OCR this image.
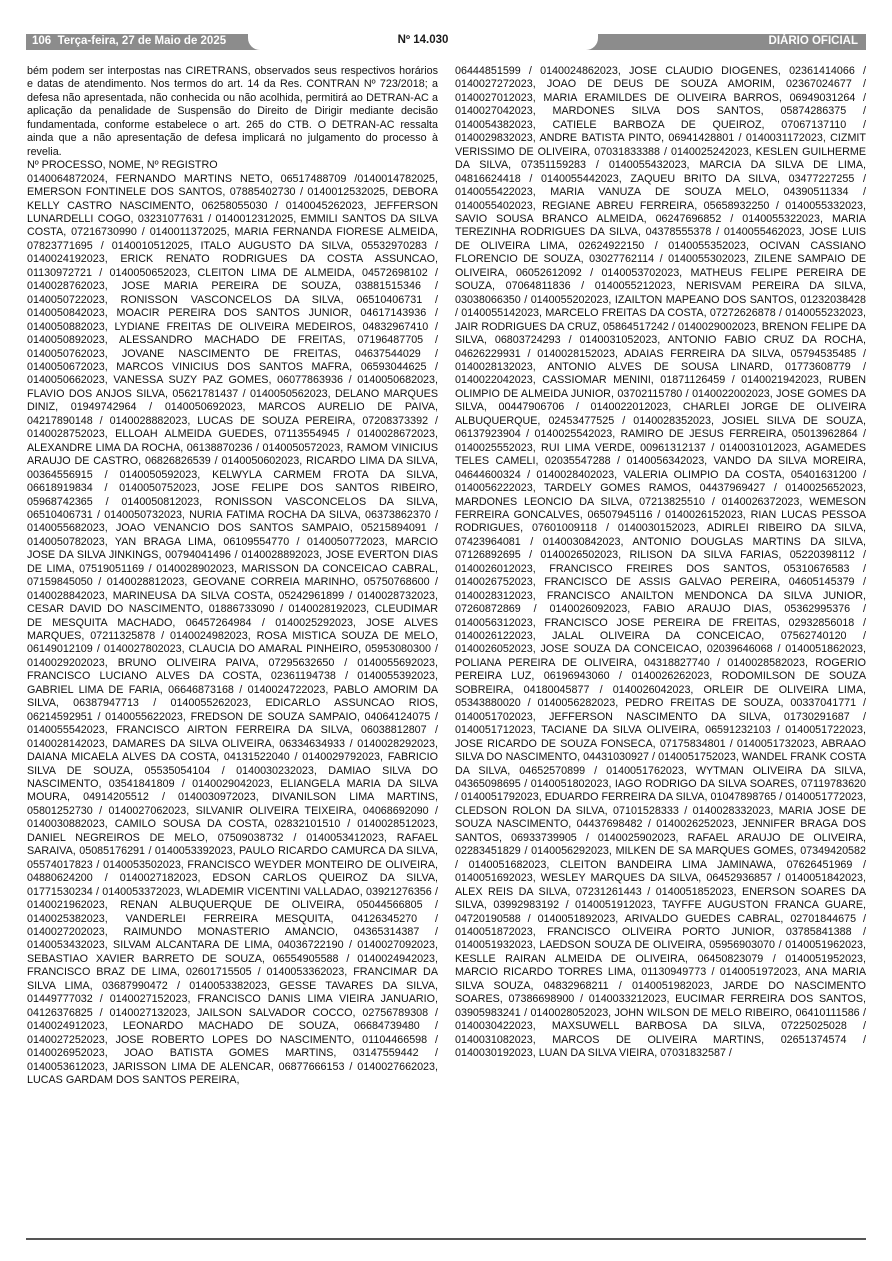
106 Terça-feira, 27 de Maio de 2025	Nº 14.030	DIÁRIO OFICIAL

bém podem ser interpostas nas CIRETRANS, observados seus respectivos horários e datas de atendimento. Nos termos do art. 14 da Res. CONTRAN Nº 723/2018; a defesa não apresentada, não conhecida ou não acolhida, permitirá ao DETRAN-AC a aplicação da penalidade de Suspensão do Direito de Dirigir mediante decisão fundamentada, conforme estabelece o art. 265 do CTB. O DETRAN-AC ressalta ainda que a não apresentação de defesa implicará no julgamento do processo à revelia.
Nº PROCESSO, NOME, Nº REGISTRO
0140064872024, FERNANDO MARTINS NETO, 06517488709 /0140014782025, EMERSON FONTINELE DOS SANTOS, 07885402730 / 0140012532025, DEBORA KELLY CASTRO NASCIMENTO, 06258055030 / 0140045262023, JEFFERSON LUNARDELLI COGO, 03231077631 / 0140012312025, EMMILI SANTOS DA SILVA COSTA, 07216730990 / 0140011372025, MARIA FERNANDA FIORESE ALMEIDA, 07823771695 / 0140010512025, ITALO AUGUSTO DA SILVA, 05532970283 / 0140024192023, ERICK RENATO RODRIGUES DA COSTA ASSUNCAO, 01130972721 / 0140050652023, CLEITON LIMA DE ALMEIDA, 04572698102 / 0140028762023, JOSE MARIA PEREIRA DE SOUZA, 03881515346 / 0140050722023, RONISSON VASCONCELOS DA SILVA, 06510406731 / 0140050842023, MOACIR PEREIRA DOS SANTOS JUNIOR, 04617143936 / 0140050882023, LYDIANE FREITAS DE OLIVEIRA MEDEIROS, 04832967410 / 0140050892023, ALESSANDRO MACHADO DE FREITAS, 07196487705 / 0140050762023, JOVANE NASCIMENTO DE FREITAS, 04637544029 / 0140050672023, MARCOS VINICIUS DOS SANTOS MAFRA, 06593044625 / 0140050662023, VANESSA SUZY PAZ GOMES, 06077863936 / 0140050682023, FLAVIO DOS ANJOS SILVA, 05621781437 / 0140050562023, DELANO MARQUES DINIZ, 01949742964 / 0140050692023, MARCOS AURELIO DE PAIVA, 04217890148 / 0140028882023, LUCAS DE SOUZA PEREIRA, 07208373392 / 0140028752023, ELLOAH ALMEIDA GUEDES, 07113554945 / 0140028672023, ALEXANDRE LIMA DA ROCHA, 06138870236 / 0140050572023, RAMOM VINICIUS ARAUJO DE CASTRO, 06826826539 / 0140050602023, RICARDO LIMA DA SILVA, 00364556915 / 0140050592023, KELWYLA CARMEM FROTA DA SILVA, 06618919834 / 0140050752023, JOSE FELIPE DOS SANTOS RIBEIRO, 05968742365 / 0140050812023, RONISSON VASCONCELOS DA SILVA, 06510406731 / 0140050732023, NURIA FATIMA ROCHA DA SILVA, 06373862370 / 0140055682023, JOAO VENANCIO DOS SANTOS SAMPAIO, 05215894091 / 0140050782023, YAN BRAGA LIMA, 06109554770 / 0140050772023, MARCIO JOSE DA SILVA JINKINGS, 00794041496 / 0140028892023, JOSE EVERTON DIAS DE LIMA, 07519051169 / 0140028902023, MARISSON DA CONCEICAO CABRAL, 07159845050 / 0140028812023, GEOVANE CORREIA MARINHO, 05750768600 / 0140028842023, MARINEUSA DA SILVA COSTA, 05242961899 / 0140028732023, CESAR DAVID DO NASCIMENTO, 01886733090 / 0140028192023, CLEUDIMAR DE MESQUITA MACHADO, 06457264984 / 0140025292023, JOSE ALVES MARQUES, 07211325878 / 0140024982023, ROSA MISTICA SOUZA DE MELO, 06149012109 / 0140027802023, CLAUCIA DO AMARAL PINHEIRO, 05953080300 / 0140029202023, BRUNO OLIVEIRA PAIVA, 07295632650 / 0140055692023, FRANCISCO LUCIANO ALVES DA COSTA, 02361194738 / 0140055392023, GABRIEL LIMA DE FARIA, 06646873168 / 0140024722023, PABLO AMORIM DA SILVA, 06387947713 / 0140055262023, EDICARLO ASSUNCAO RIOS, 06214592951 / 0140055622023, FREDSON DE SOUZA SAMPAIO, 04064124075 / 0140055542023, FRANCISCO AIRTON FERREIRA DA SILVA, 06038812807 / 0140028142023, DAMARES DA SILVA OLIVEIRA, 06334634933 / 0140028292023, DAIANA MICAELA ALVES DA COSTA, 04131522040 / 0140029792023, FABRICIO SILVA DE SOUZA, 05535054104 / 0140030232023, DAMIAO SILVA DO NASCIMENTO, 03541841809 / 0140029042023, ELIANGELA MARIA DA SILVA MOURA, 04914205512 / 0140030972023, DIVANILSON LIMA MARTINS, 05801252730 / 0140027062023, SILVANIR OLIVEIRA TEIXEIRA, 04068692090 / 0140030882023, CAMILO SOUSA DA COSTA, 02832101510 / 0140028512023, DANIEL NEGREIROS DE MELO, 07509038732 / 0140053412023, RAFAEL SARAIVA, 05085176291 / 0140053392023, PAULO RICARDO CAMURCA DA SILVA, 05574017823 / 0140053502023, FRANCISCO WEYDER MONTEIRO DE OLIVEIRA, 04880624200 / 0140027182023, EDSON CARLOS QUEIROZ DA SILVA, 01771530234 / 0140053372023, WLADEMIR VICENTINI VALLADAO, 03921276356 / 0140021962023, RENAN ALBUQUERQUE DE OLIVEIRA, 05044566805 / 0140025382023, VANDERLEI FERREIRA MESQUITA, 04126345270 / 0140027202023, RAIMUNDO MONASTERIO AMANCIO, 04365314387 / 0140053432023, SILVAM ALCANTARA DE LIMA, 04036722190 / 0140027092023, SEBASTIAO XAVIER BARRETO DE SOUZA, 06554905588 / 0140024942023, FRANCISCO BRAZ DE LIMA, 02601715505 / 0140053362023, FRANCIMAR DA SILVA LIMA, 03687990472 / 0140053382023, GESSE TAVARES DA SILVA, 01449777032 / 0140027152023, FRANCISCO DANIS LIMA VIEIRA JANUARIO, 04126376825 / 0140027132023, JAILSON SALVADOR COCCO, 02756789308 / 0140024912023, LEONARDO MACHADO DE SOUZA, 06684739480 / 0140027252023, JOSE ROBERTO LOPES DO NASCIMENTO, 01104466598 / 0140026952023, JOAO BATISTA GOMES MARTINS, 03147559442 / 0140053612023, JARISSON LIMA DE ALENCAR, 06877666153 / 0140027662023, LUCAS GARDAM DOS SANTOS PEREIRA,

06444851599 / 0140024862023, JOSE CLAUDIO DIOGENES, 02361414066 / 0140027272023, JOAO DE DEUS DE SOUZA AMORIM, 02367024677 / 0140027012023, MARIA ERAMILDES DE OLIVEIRA BARROS, 06949031264 / 0140027042023, MARDONES SILVA DOS SANTOS, 05874286375 / 0140054382023, CATIELE BARBOZA DE QUEIROZ, 07067137110 / 0140029832023, ANDRE BATISTA PINTO, 06941428801 / 0140031172023, CIZMIT VERISSIMO DE OLIVEIRA, 07031833388 / 0140025242023, KESLEN GUILHERME DA SILVA, 07351159283 / 0140055432023, MARCIA DA SILVA DE LIMA, 04816624418 / 0140055442023, ZAQUEU BRITO DA SILVA, 03477227255 / 0140055422023, MARIA VANUZA DE SOUZA MELO, 04390511334 / 0140055402023, REGIANE ABREU FERREIRA, 05658932250 / 0140055332023, SAVIO SOUSA BRANCO ALMEIDA, 06247696852 / 0140055322023, MARIA TEREZINHA RODRIGUES DA SILVA, 04378555378 / 0140055462023, JOSE LUIS DE OLIVEIRA LIMA, 02624922150 / 0140055352023, OCIVAN CASSIANO FLORENCIO DE SOUZA, 03027762114 / 0140055302023, ZILENE SAMPAIO DE OLIVEIRA, 06052612092 / 0140053702023, MATHEUS FELIPE PEREIRA DE SOUZA, 07064811836 / 0140055212023, NERISVAM PEREIRA DA SILVA, 03038066350 / 0140055202023, IZAILTON MAPEANO DOS SANTOS, 01232038428 / 0140055142023, MARCELO FREITAS DA COSTA, 07272626878 / 0140055232023, JAIR RODRIGUES DA CRUZ, 05864517242 / 0140029002023, BRENON FELIPE DA SILVA, 06803724293 / 0140031052023, ANTONIO FABIO CRUZ DA ROCHA, 04626229931 / 0140028152023, ADAIAS FERREIRA DA SILVA, 05794535485 / 0140028132023, ANTONIO ALVES DE SOUSA LINARD, 01773608779 / 0140022042023, CASSIOMAR MENINI, 01871126459 / 0140021942023, RUBEN OLIMPIO DE ALMEIDA JUNIOR, 03702115780 / 0140022002023, JOSE GOMES DA SILVA, 00447906706 / 0140022012023, CHARLEI JORGE DE OLIVEIRA ALBUQUERQUE, 02453477525 / 0140028352023, JOSIEL SILVA DE SOUZA, 06137923904 / 0140025542023, RAMIRO DE JESUS FERREIRA, 05013962864 / 0140025552023, RUI LIMA VERDE, 00961312137 / 0140031012023, AGAMEDES TELES CAMELI, 02035547288 / 0140056342023, VANDO DA SILVA MOREIRA, 04644600324 / 0140028402023, VALERIA OLIMPIO DA COSTA, 05401631200 / 0140056222023, TARDELY GOMES RAMOS, 04437969427 / 0140025652023, MARDONES LEONCIO DA SILVA, 07213825510 / 0140026372023, WEMESON FERREIRA GONCALVES, 06507945116 / 0140026152023, RIAN LUCAS PESSOA RODRIGUES, 07601009118 / 0140030152023, ADIRLEI RIBEIRO DA SILVA, 07423964081 / 0140030842023, ANTONIO DOUGLAS MARTINS DA SILVA, 07126892695 / 0140026502023, RILISON DA SILVA FARIAS, 05220398112 / 0140026012023, FRANCISCO FREIRES DOS SANTOS, 05310676583 / 0140026752023, FRANCISCO DE ASSIS GALVAO PEREIRA, 04605145379 / 0140028312023, FRANCISCO ANAILTON MENDONCA DA SILVA JUNIOR, 07260872869 / 0140026092023, FABIO ARAUJO DIAS, 05362995376 / 0140056312023, FRANCISCO JOSE PEREIRA DE FREITAS, 02932856018 / 0140026122023, JALAL OLIVEIRA DA CONCEICAO, 07562740120 / 0140026052023, JOSE SOUZA DA CONCEICAO, 02039646068 / 0140051862023, POLIANA PEREIRA DE OLIVEIRA, 04318827740 / 0140028582023, ROGERIO PEREIRA LUZ, 06196943060 / 0140026262023, RODOMILSON DE SOUZA SOBREIRA, 04180045877 / 0140026042023, ORLEIR DE OLIVEIRA LIMA, 05343880020 / 0140056282023, PEDRO FREITAS DE SOUZA, 00337041771 / 0140051702023, JEFFERSON NASCIMENTO DA SILVA, 01730291687 / 0140051712023, TACIANE DA SILVA OLIVEIRA, 06591232103 / 0140051722023, JOSE RICARDO DE SOUZA FONSECA, 07175834801 / 0140051732023, ABRAAO SILVA DO NASCIMENTO, 04431030927 / 0140051752023, WANDEL FRANK COSTA DA SILVA, 04652570899 / 0140051762023, WYTMAN OLIVEIRA DA SILVA, 04365098695 / 0140051802023, IAGO RODRIGO DA SILVA SOARES, 07119783620 / 0140051792023, EDUARDO FERREIRA DA SILVA, 01047898765 / 0140051772023, CLEDSON ROLON DA SILVA, 07101528333 / 0140028332023, MARIA JOSE DE SOUZA NASCIMENTO, 04437698482 / 0140026252023, JENNIFER BRAGA DOS SANTOS, 06933739905 / 0140025902023, RAFAEL ARAUJO DE OLIVEIRA, 02283451829 / 0140056292023, MILKEN DE SA MARQUES GOMES, 07349420582 / 0140051682023, CLEITON BANDEIRA LIMA JAMINAWA, 07626451969 / 0140051692023, WESLEY MARQUES DA SILVA, 06452936857 / 0140051842023, ALEX REIS DA SILVA, 07231261443 / 0140051852023, ENERSON SOARES DA SILVA, 03992983192 / 0140051912023, TAYFFE AUGUSTON FRANCA GUARE, 04720190588 / 0140051892023, ARIVALDO GUEDES CABRAL, 02701844675 / 0140051872023, FRANCISCO OLIVEIRA PORTO JUNIOR, 03785841388 / 0140051932023, LAEDSON SOUZA DE OLIVEIRA, 05956903070 / 0140051962023, KESLLE RAIRAN ALMEIDA DE OLIVEIRA, 06450823079 / 0140051952023, MARCIO RICARDO TORRES LIMA, 01130949773 / 0140051972023, ANA MARIA SILVA SOUZA, 04832968211 / 0140051982023, JARDE DO NASCIMENTO SOARES, 07386698900 / 0140033212023, EUCIMAR FERREIRA DOS SANTOS, 03905983241 / 0140028052023, JOHN WILSON DE MELO RIBEIRO, 06410111586 / 0140030422023, MAXSUWELL BARBOSA DA SILVA, 07225025028 / 0140031082023, MARCOS DE OLIVEIRA MARTINS, 02651374574 / 0140030192023, LUAN DA SILVA VIEIRA, 07031832587 /
